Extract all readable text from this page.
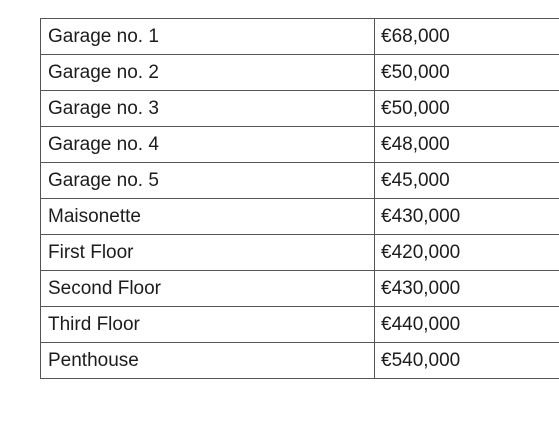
Garage no. 1	€68,000
Garage no. 2	€50,000
Garage no. 3	€50,000
Garage no. 4	€48,000
Garage no. 5	€45,000
Maisonette	€430,000
First Floor	€420,000
Second Floor	€430,000
Third Floor	€440,000
Penthouse	€540,000
